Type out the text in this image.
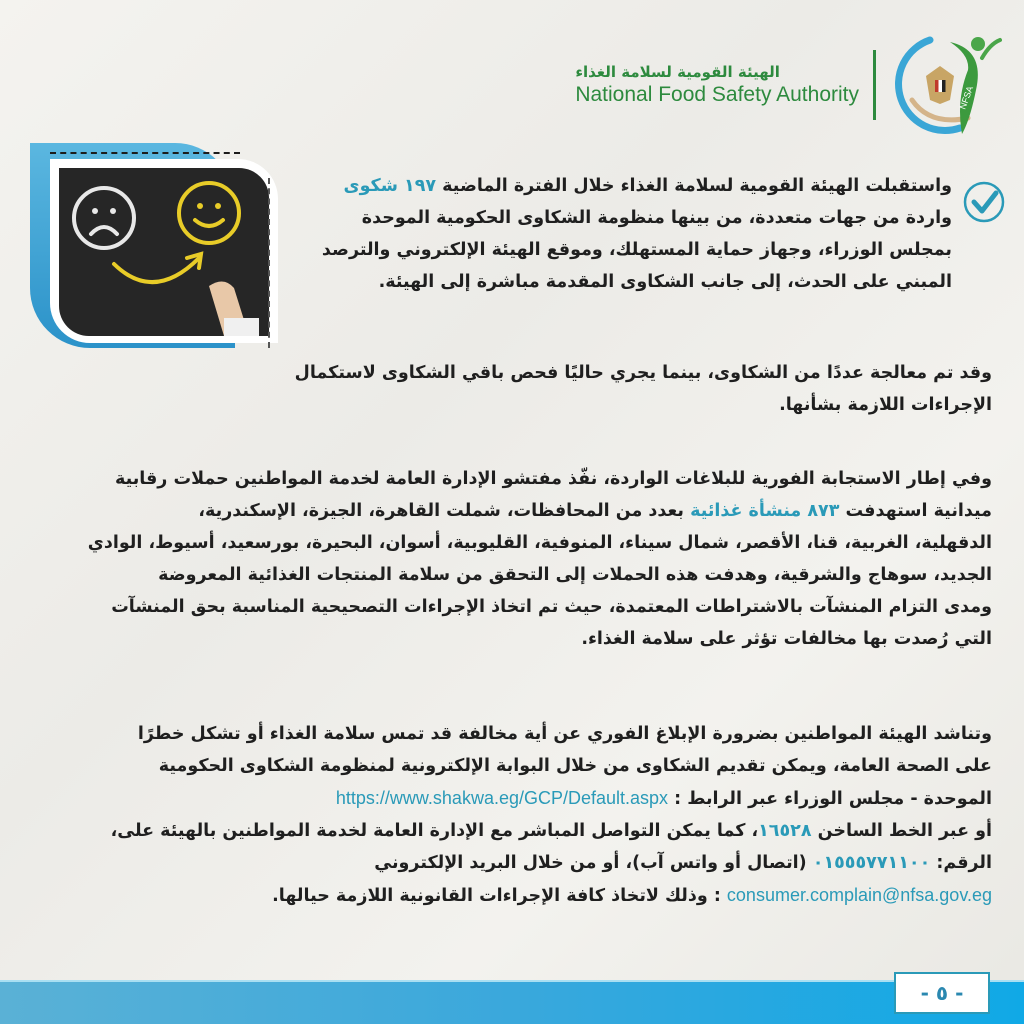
الهيئة القومية لسلامة الغذاء
National Food Safety Authority	NFSA
واستقبلت الهيئة القومية لسلامة الغذاء خلال الفترة الماضية ١٩٧ شكوى
واردة من جهات متعددة، من بينها منظومة الشكاوى الحكومية الموحدة
بمجلس الوزراء، وجهاز حماية المستهلك، وموقع الهيئة الإلكتروني والترصد
المبني على الحدث، إلى جانب الشكاوى المقدمة مباشرة إلى الهيئة.
وقد تم معالجة عددًا من الشكاوى، بينما يجري حاليًا فحص باقي الشكاوى لاستكمال
الإجراءات اللازمة بشأنها.
وفي إطار الاستجابة الفورية للبلاغات الواردة، نفّذ مفتشو الإدارة العامة لخدمة المواطنين حملات رقابية
ميدانية استهدفت ٨٧٣ منشأة غذائية بعدد من المحافظات، شملت القاهرة، الجيزة، الإسكندرية،
الدقهلية، الغربية، قنا، الأقصر، شمال سيناء، المنوفية، القليوبية، أسوان، البحيرة، بورسعيد، أسيوط، الوادي
الجديد، سوهاج والشرقية، وهدفت هذه الحملات إلى التحقق من سلامة المنتجات الغذائية المعروضة
ومدى التزام المنشآت بالاشتراطات المعتمدة، حيث تم اتخاذ الإجراءات التصحيحية المناسبة بحق المنشآت
التي رُصدت بها مخالفات تؤثر على سلامة الغذاء.
وتناشد الهيئة المواطنين بضرورة الإبلاغ الفوري عن أية مخالفة قد تمس سلامة الغذاء أو تشكل خطرًا
على الصحة العامة، ويمكن تقديم الشكاوى من خلال البوابة الإلكترونية لمنظومة الشكاوى الحكومية
الموحدة - مجلس الوزراء عبر الرابط : https://www.shakwa.eg/GCP/Default.aspx
أو عبر الخط الساخن ١٦٥٢٨، كما يمكن التواصل المباشر مع الإدارة العامة لخدمة المواطنين بالهيئة على،
الرقم: ٠١٥٥٥٧٧١١٠٠ (اتصال أو واتس آب)، أو من خلال البريد الإلكتروني
consumer.complain@nfsa.gov.eg : وذلك لاتخاذ كافة الإجراءات القانونية اللازمة حيالها.
- ٥ -
